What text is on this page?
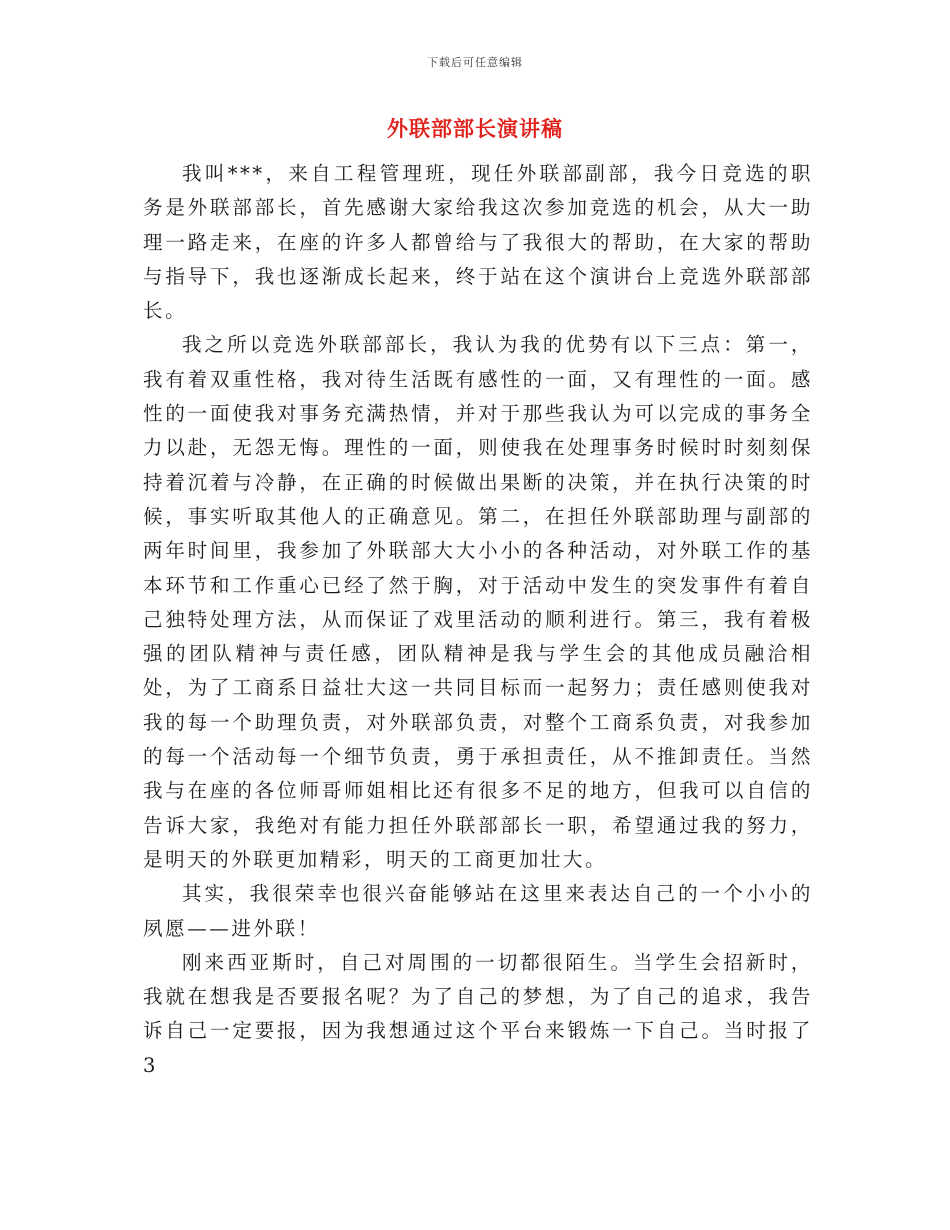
下载后可任意编辑
外联部部长演讲稿

我叫***，来自工程管理班，现任外联部副部，我今日竞选的职务是外联部部长，首先感谢大家给我这次参加竞选的机会，从大一助理一路走来，在座的许多人都曾给与了我很大的帮助，在大家的帮助与指导下，我也逐渐成长起来，终于站在这个演讲台上竞选外联部部长。

我之所以竞选外联部部长，我认为我的优势有以下三点：第一，我有着双重性格，我对待生活既有感性的一面，又有理性的一面。感性的一面使我对事务充满热情，并对于那些我认为可以完成的事务全力以赴，无怨无悔。理性的一面，则使我在处理事务时候时时刻刻保持着沉着与冷静，在正确的时候做出果断的决策，并在执行决策的时候，事实听取其他人的正确意见。第二，在担任外联部助理与副部的两年时间里，我参加了外联部大大小小的各种活动，对外联工作的基本环节和工作重心已经了然于胸，对于活动中发生的突发事件有着自己独特处理方法，从而保证了戏里活动的顺利进行。第三，我有着极强的团队精神与责任感，团队精神是我与学生会的其他成员融洽相处，为了工商系日益壮大这一共同目标而一起努力；责任感则使我对我的每一个助理负责，对外联部负责，对整个工商系负责，对我参加的每一个活动每一个细节负责，勇于承担责任，从不推卸责任。当然我与在座的各位师哥师姐相比还有很多不足的地方，但我可以自信的告诉大家，我绝对有能力担任外联部部长一职，希望通过我的努力，是明天的外联更加精彩，明天的工商更加壮大。

其实，我很荣幸也很兴奋能够站在这里来表达自己的一个小小的夙愿——进外联！

刚来西亚斯时，自己对周围的一切都很陌生。当学生会招新时，我就在想我是否要报名呢？为了自己的梦想，为了自己的追求，我告诉自己一定要报，因为我想通过这个平台来锻炼一下自己。当时报了3
